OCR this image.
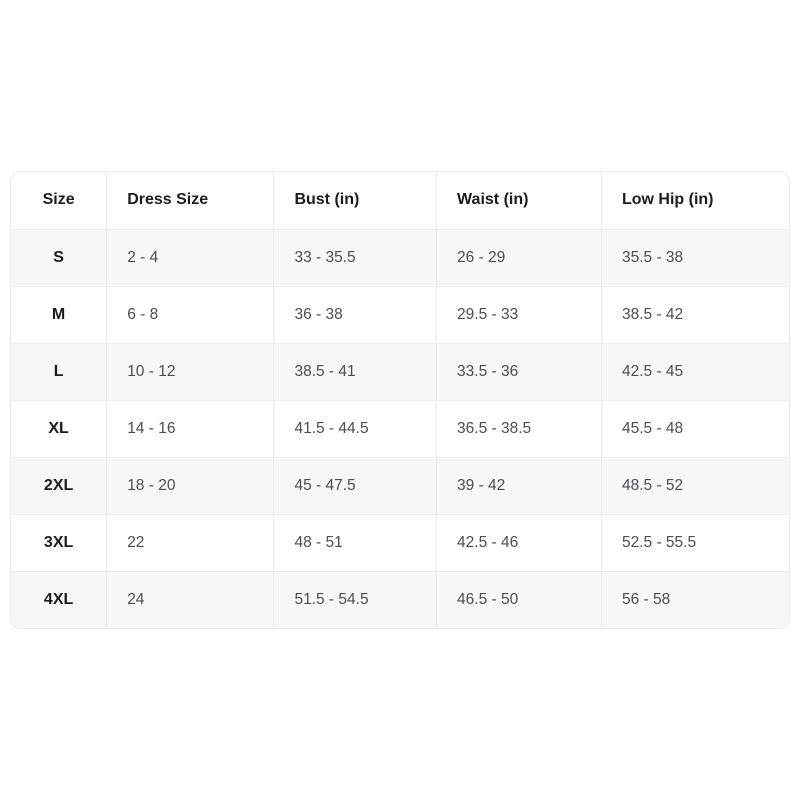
Size	Dress Size	Bust (in)	Waist (in)	Low Hip (in)
S	2 - 4	33 - 35.5	26 - 29	35.5 - 38
M	6 - 8	36 - 38	29.5 - 33	38.5 - 42
L	10 - 12	38.5 - 41	33.5 - 36	42.5 - 45
XL	14 - 16	41.5 - 44.5	36.5 - 38.5	45.5 - 48
2XL	18 - 20	45 - 47.5	39 - 42	48.5 - 52
3XL	22	48 - 51	42.5 - 46	52.5 - 55.5
4XL	24	51.5 - 54.5	46.5 - 50	56 - 58
